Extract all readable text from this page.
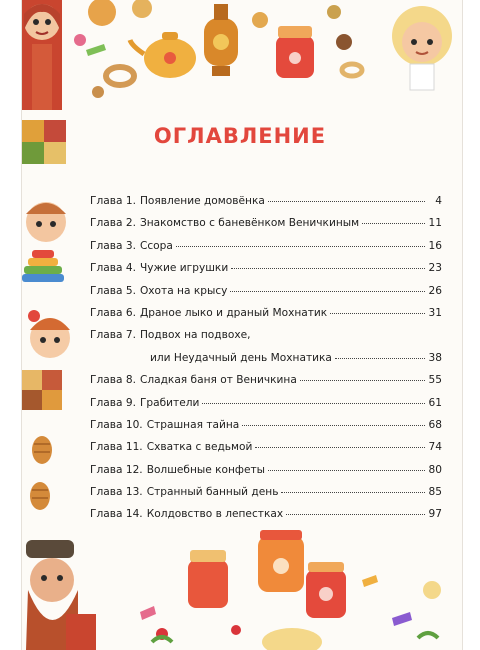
ОГЛАВЛЕНИЕ
Глава 1. Появление домовёнка	4
Глава 2. Знакомство с баневёнком Веничкиным	11
Глава 3. Ссора	16
Глава 4. Чужие игрушки	23
Глава 5. Охота на крысу	26
Глава 6. Драное лыко и драный Мохнатик	31
Глава 7. Подвох на подвохе,
или Неудачный день Мохнатика	38
Глава 8. Сладкая баня от Веничкина	55
Глава 9. Грабители	61
Глава 10. Страшная тайна	68
Глава 11. Схватка с ведьмой	74
Глава 12. Волшебные конфеты	80
Глава 13. Странный банный день	85
Глава 14. Колдовство в лепестках	97
